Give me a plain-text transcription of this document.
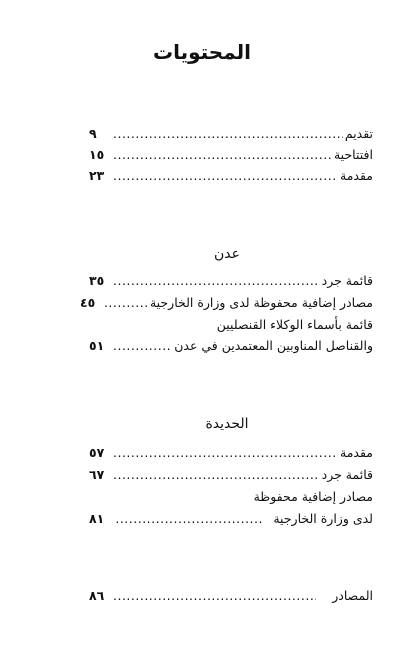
المحتويات
تقديم
.....
٩
افتتاحية
.....
١٥
مقدمة
.....
٢٣
عدن
قائمة جرد
.....
٣٥
مصادر إضافية محفوظة لدى وزارة الخارجية
.....
٤٥
قائمة بأسماء الوكلاء القنصليين
والقناصل المناوبين المعتمدين في عدن
.....
٥١
الحديدة
مقدمة
.....
٥٧
قائمة جرد
.....
٦٧
مصادر إضافية محفوظة
لدى وزارة الخارجية
.....
٨١
المصادر
.....
٨٦
